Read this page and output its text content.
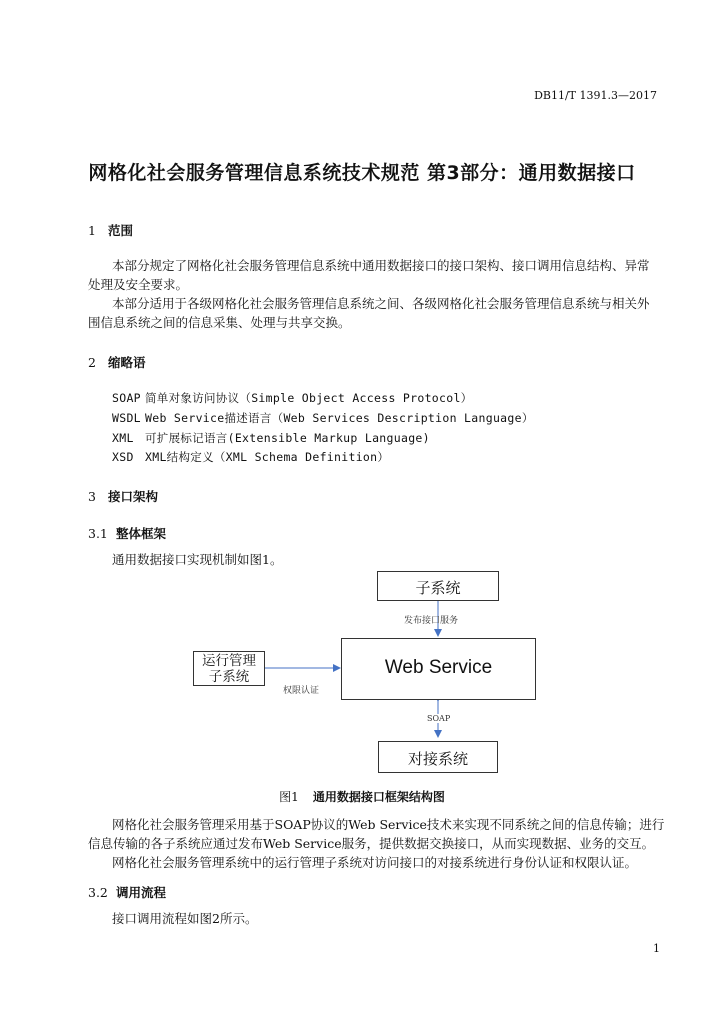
DB11/T 1391.3—2017
网格化社会服务管理信息系统技术规范 第3部分：通用数据接口
1 范围
本部分规定了网格化社会服务管理信息系统中通用数据接口的接口架构、接口调用信息结构、异常
处理及安全要求。
本部分适用于各级网格化社会服务管理信息系统之间、各级网格化社会服务管理信息系统与相关外
围信息系统之间的信息采集、处理与共享交换。
2 缩略语
SOAP 简单对象访问协议（Simple Object Access Protocol）
WSDL Web Service描述语言（Web Services Description Language）
XML 可扩展标记语言(Extensible Markup Language)
XSD XML结构定义（XML Schema Definition）
3 接口架构
3.1 整体框架
通用数据接口实现机制如图1。
子系统
发布接口服务
运行管理
子系统
权限认证
Web Service
SOAP
对接系统
图1 通用数据接口框架结构图
网格化社会服务管理采用基于SOAP协议的Web Service技术来实现不同系统之间的信息传输；进行
信息传输的各子系统应通过发布Web Service服务，提供数据交换接口，从而实现数据、业务的交互。
网格化社会服务管理系统中的运行管理子系统对访问接口的对接系统进行身份认证和权限认证。
3.2 调用流程
接口调用流程如图2所示。
1
